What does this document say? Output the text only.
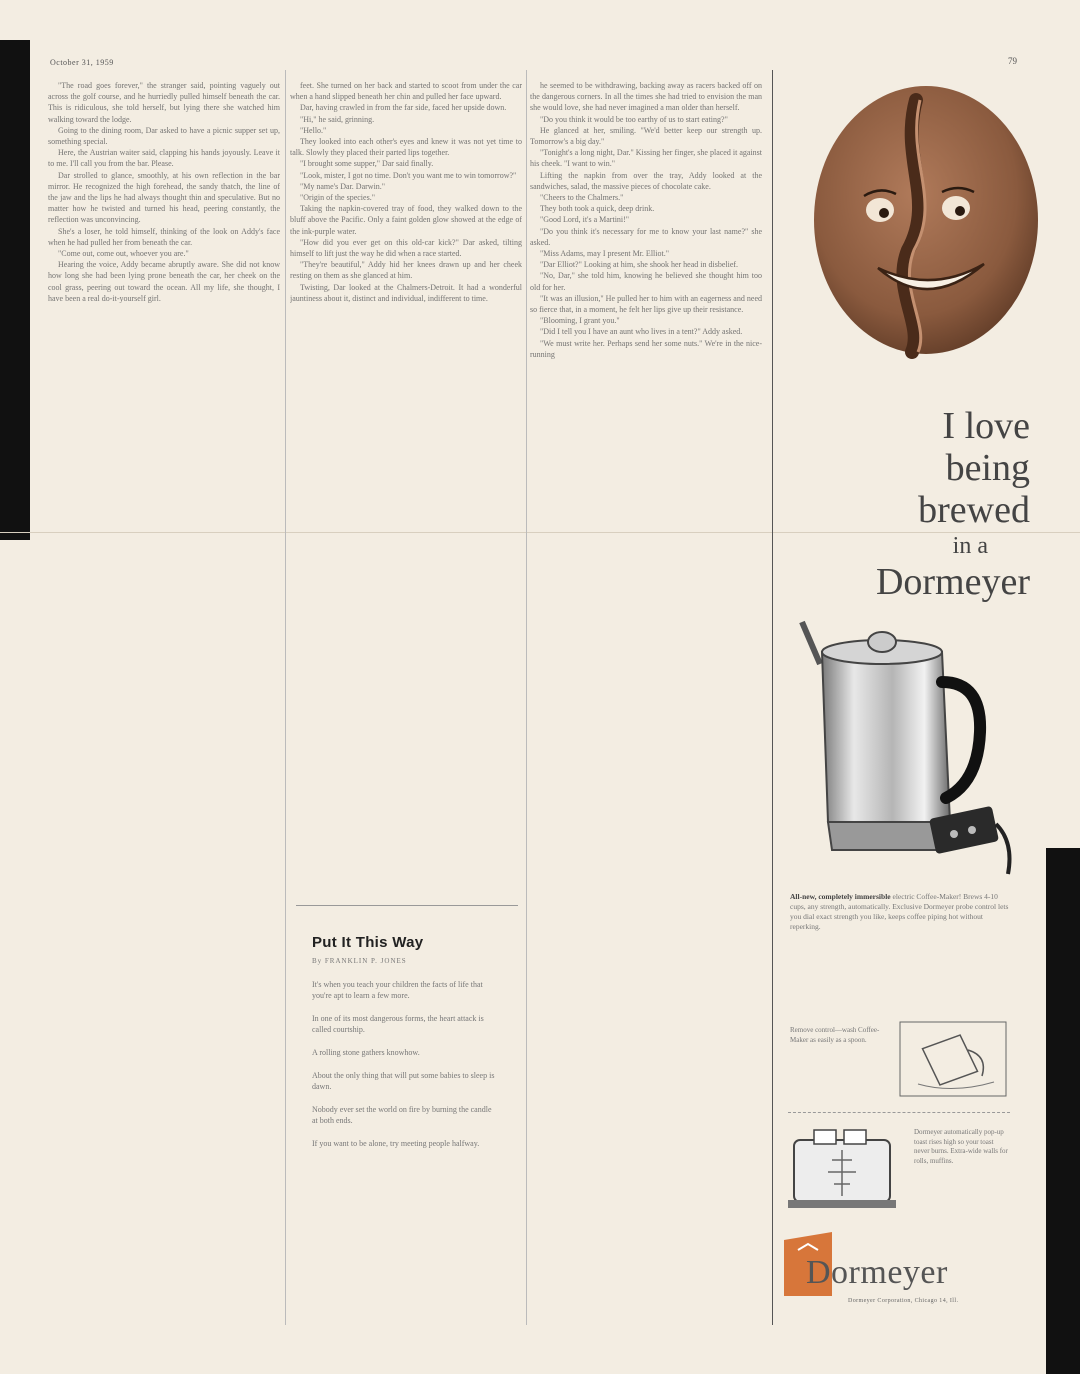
October 31, 1959	79

"The road goes forever," the stranger said, pointing vaguely out across the golf course, and he hurriedly pulled himself beneath the car. This is ridiculous, she told herself, but lying there she watched him walking toward the lodge.

Going to the dining room, Dar asked to have a picnic supper set up, something special.

Here, the Austrian waiter said, clapping his hands joyously. Leave it to me. I'll call you from the bar. Please.

Dar strolled to glance, smoothly, at his own reflection in the bar mirror. He recognized the high forehead, the sandy thatch, the line of the jaw and the lips he had always thought thin and speculative. But no matter how he twisted and turned his head, peering constantly, the reflection was unconvincing.

She's a loser, he told himself, thinking of the look on Addy's face when he had pulled her from beneath the car.

"Come out, come out, whoever you are."

Hearing the voice, Addy became abruptly aware. She did not know how long she had been lying prone beneath the car, her cheek on the cool grass, peering out toward the ocean. All my life, she thought, I have been a real do-it-yourself girl.

feet. She turned on her back and started to scoot from under the car when a hand slipped beneath her chin and pulled her face upward.

Dar, having crawled in from the far side, faced her upside down.

"Hi," he said, grinning.

"Hello."

They looked into each other's eyes and knew it was not yet time to talk. Slowly they placed their parted lips together.

"I brought some supper," Dar said finally.

"Look, mister, I got no time. Don't you want me to win tomorrow?"

"My name's Dar. Darwin."

"Origin of the species."

Taking the napkin-covered tray of food, they walked down to the bluff above the Pacific. Only a faint golden glow showed at the edge of the ink-purple water.

"How did you ever get on this old-car kick?" Dar asked, tilting himself to lift just the way he did when a race started.

"They're beautiful," Addy hid her knees drawn up and her cheek resting on them as she glanced at him.

Twisting, Dar looked at the Chalmers-Detroit. It had a wonderful jauntiness about it, distinct and individual, indifferent to time.

he seemed to be withdrawing, backing away as racers backed off on the dangerous corners. In all the times she had tried to envision the man she would love, she had never imagined a man older than herself.

"Do you think it would be too earthy of us to start eating?"

He glanced at her, smiling. "We'd better keep our strength up. Tomorrow's a big day."

"Tonight's a long night, Dar." Kissing her finger, she placed it against his cheek. "I want to win."

Lifting the napkin from over the tray, Addy looked at the sandwiches, salad, the massive pieces of chocolate cake.

"Cheers to the Chalmers."

They both took a quick, deep drink.

"Good Lord, it's a Martini!"

"Do you think it's necessary for me to know your last name?" she asked.

"Miss Adams, may I present Mr. Elliot."

"Dar Elliot?" Looking at him, she shook her head in disbelief.

"No, Dar," she told him, knowing he believed she thought him too old for her.

"It was an illusion," He pulled her to him with an eagerness and need so fierce that, in a moment, he felt her lips give up their resistance.

"Blooming, I grant you."

"Did I tell you I have an aunt who lives in a tent?" Addy asked.

"We must write her. Perhaps send her some nuts." We're in the nice-running

Put It This Way
By FRANKLIN P. JONES

It's when you teach your children the facts of life that you're apt to learn a few more.

In one of its most dangerous forms, the heart attack is called courtship.

A rolling stone gathers knowhow.

About the only thing that will put some babies to sleep is dawn.

Nobody ever set the world on fire by burning the candle at both ends.

If you want to be alone, try meeting people halfway.

I love
being
brewed
in a
Dormeyer
All-new, completely immersible electric Coffee-Maker! Brews 4-10 cups, any strength, automatically. Exclusive Dormeyer probe control lets you dial exact strength you like, keeps coffee piping hot without reperking.
Remove control—wash Coffee-Maker as easily as a spoon.
Dormeyer automatically pop-up toast rises high so your toast never burns. Extra-wide walls for rolls, muffins.
Dormeyer
Dormeyer Corporation, Chicago 14, Ill.
